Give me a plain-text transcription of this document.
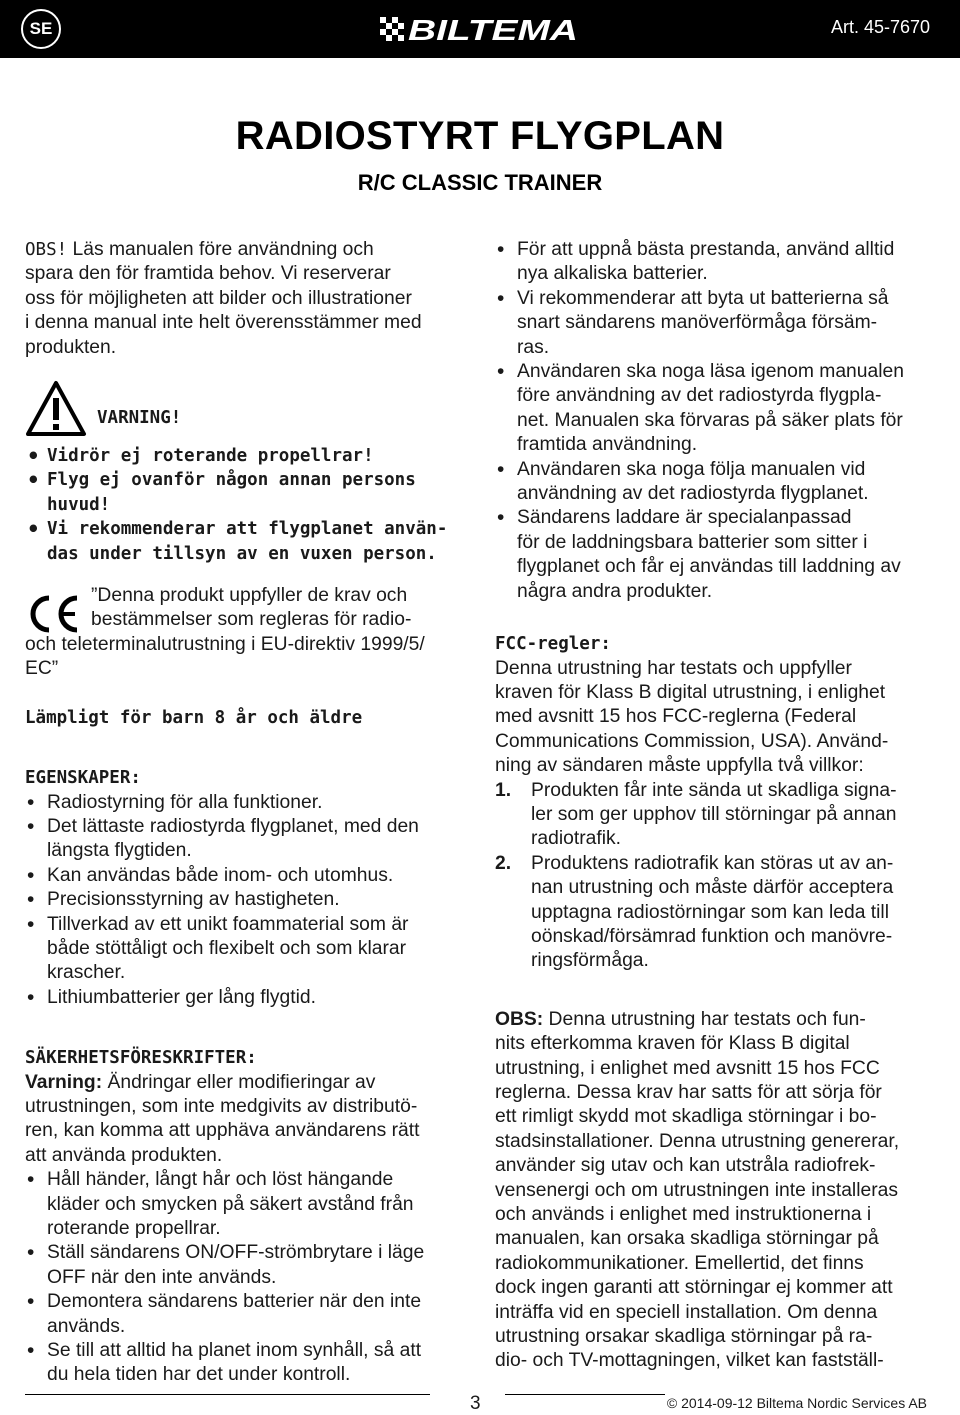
SE	BILTEMA	Art. 45-7670
RADIOSTYRT FLYGPLAN
R/C CLASSIC TRAINER

OBS! Läs manualen före användning och
spara den för framtida behov. Vi reserverar
oss för möjligheten att bilder och illustrationer
i denna manual inte helt överensstämmer med
produkten.

VARNING!
• Vidrör ej roterande propellrar!
• Flyg ej ovanför någon annan persons
huvud!
• Vi rekommenderar att flygplanet använ-
das under tillsyn av en vuxen person.

”Denna produkt uppfyller de krav och

bestämmelser som regleras för radio-

och teleterminalutrustning i EU-direktiv 1999/5/

EC”

Lämpligt för barn 8 år och äldre

EGENSKAPER:

• Radiostyrning för alla funktioner.
• Det lättaste radiostyrda flygplanet, med den
längsta flygtiden.
• Kan användas både inom- och utomhus.
• Precisionsstyrning av hastigheten.
• Tillverkad av ett unikt foammaterial som är
både stöttåligt och flexibelt och som klarar
krascher.
• Lithiumbatterier ger lång flygtid.

SÄKERHETSFÖRESKRIFTER:

Varning: Ändringar eller modifieringar av
utrustningen, som inte medgivits av distributö-
ren, kan komma att upphäva användarens rätt
att använda produkten.

• Håll händer, långt hår och löst hängande
kläder och smycken på säkert avstånd från
roterande propellrar.
• Ställ sändarens ON/OFF-strömbrytare i läge
OFF när den inte används.
• Demontera sändarens batterier när den inte
används.
• Se till att alltid ha planet inom synhåll, så att
du hela tiden har det under kontroll.
• För att uppnå bästa prestanda, använd alltid
nya alkaliska batterier.
• Vi rekommenderar att byta ut batterierna så
snart sändarens manöverförmåga försäm-
ras.
• Användaren ska noga läsa igenom manualen
före användning av det radiostyrda flygpla-
net. Manualen ska förvaras på säker plats för
framtida användning.
• Användaren ska noga följa manualen vid
användning av det radiostyrda flygplanet.
• Sändarens laddare är specialanpassad
för de laddningsbara batterier som sitter i
flygplanet och får ej användas till laddning av
några andra produkter.

FCC-regler:

Denna utrustning har testats och uppfyller
kraven för Klass B digital utrustning, i enlighet
med avsnitt 15 hos FCC-reglerna (Federal
Communications Commission, USA). Använd-
ning av sändaren måste uppfylla två villkor:

1. Produkten får inte sända ut skadliga signa-
ler som ger upphov till störningar på annan
radiotrafik.
2. Produktens radiotrafik kan störas ut av an-
nan utrustning och måste därför acceptera
upptagna radiostörningar som kan leda till
oönskad/försämrad funktion och manövre-
ringsförmåga.

OBS: Denna utrustning har testats och fun-
nits efterkomma kraven för Klass B digital
utrustning, i enlighet med avsnitt 15 hos FCC
reglerna. Dessa krav har satts för att sörja för
ett rimligt skydd mot skadliga störningar i bo-
stadsinstallationer. Denna utrustning genererar,
använder sig utav och kan utstråla radiofrek-
vensenergi och om utrustningen inte installeras
och används i enlighet med instruktionerna i
manualen, kan orsaka skadliga störningar på
radiokommunikationer. Emellertid, det finns
dock ingen garanti att störningar ej kommer att
inträffa vid en speciell installation. Om denna
utrustning orsakar skadliga störningar på ra-
dio- och TV-mottagningen, vilket kan fastställ-

3	© 2014-09-12 Biltema Nordic Services AB
